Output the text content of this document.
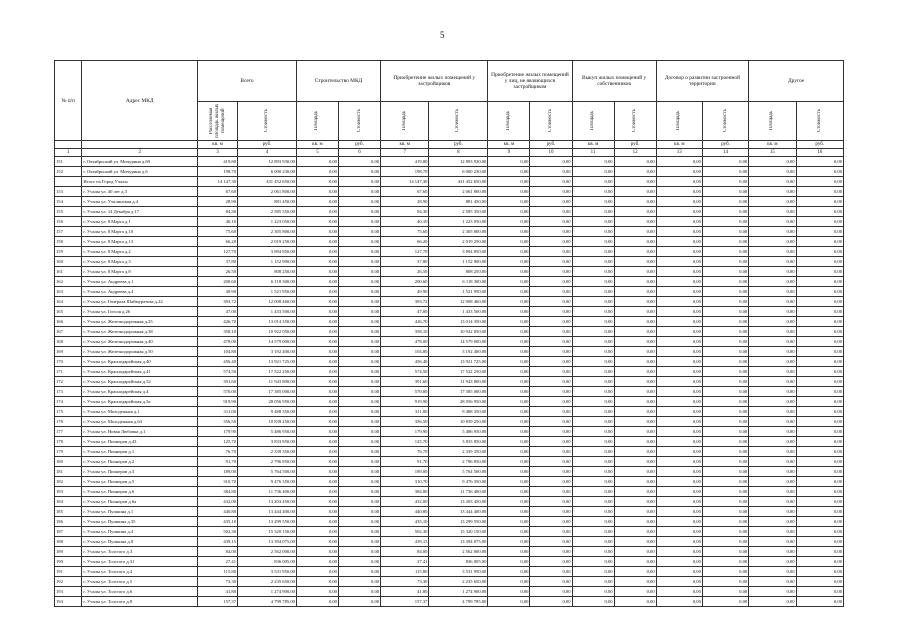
5
№ п/п	Адрес МКД	Всего		Строительство МКД		Приобретение жилых помещений у застройщиков		Приобретение жилых помещений у лиц, не являющихся застройщиком		Выкуп жилых помещений у собственников		Договор о развитии застроенной территории		Другое	
		Расселяемая площадь жилых помещений	Стоимость	Площадь	Стоимость	Площадь	Стоимость	Площадь	Стоимость	Площадь	Стоимость	Площадь	Стоимость	Площадь	Стоимость
		кв. м	руб.	кв. м	руб.	кв. м	руб.	кв. м	руб.	кв. м	руб.	кв. м	руб.	кв. м	руб.
1	2	3	4	5	6	7	8	9	10	11	12	13	14	15	16
151	г. Октябрьский ул. Мичурина д.69	419,80	12 893 930,00	0,00	0,00	419,80	12 893 930,00	0,00	0,00	0,00	0,00	0,00	0,00	0,00	0,00
152	г. Октябрьский ул. Мичурина д.6	198,70	6 000 230,00	0,00	0,00	198,70	6 000 230,00	0,00	0,00	0,00	0,00	0,00	0,00	0,00	0,00
	Итого по Город Учалы	14 147,30	431 452 650,00	0,00	0,00	14 147,30	431 452 650,00	0,00	0,00	0,00	0,00	0,00	0,00	0,00	0,00
153	г. Учалы ул. 40 лет д.3	67,60	2 061 800,00	0,00	0,00	67,60	2 061 800,00	0,00	0,00	0,00	0,00	0,00	0,00	0,00	0,00
154	г. Учалы ул. Учалинская д.4	28,90	881 450,00	0,00	0,00	28,90	881 450,00	0,00	0,00	0,00	0,00	0,00	0,00	0,00	0,00
155	г. Учалы ул. 14 Декабря д.17	84,30	2 585 350,00	0,00	0,00	84,30	2 585 350,00	0,00	0,00	0,00	0,00	0,00	0,00	0,00	0,00
156	г. Учалы ул. 8 Марта д.1	40,10	1 223 050,00	0,00	0,00	40,10	1 223 050,00	0,00	0,00	0,00	0,00	0,00	0,00	0,00	0,00
157	г. Учалы ул. 8 Марта д.10	75,60	2 305 800,00	0,00	0,00	75,60	2 305 800,00	0,00	0,00	0,00	0,00	0,00	0,00	0,00	0,00
158	г. Учалы ул. 8 Марта д.13	66,20	2 019 250,00	0,00	0,00	66,20	2 019 250,00	0,00	0,00	0,00	0,00	0,00	0,00	0,00	0,00
159	г. Учалы ул. 8 Марта д.2	127,70	3 894 850,00	0,00	0,00	127,70	3 894 850,00	0,00	0,00	0,00	0,00	0,00	0,00	0,00	0,00
160	г. Учалы ул. 8 Марта д.3	37,80	1 152 900,00	0,00	0,00	37,80	1 152 900,00	0,00	0,00	0,00	0,00	0,00	0,00	0,00	0,00
161	г. Учалы ул. 8 Марта д.8	26,50	808 250,00	0,00	0,00	26,50	808 250,00	0,00	0,00	0,00	0,00	0,00	0,00	0,00	0,00
162	г. Учалы ул. Андреева д.1	200,60	6 118 300,00	0,00	0,00	200,60	6 118 300,00	0,00	0,00	0,00	0,00	0,00	0,00	0,00	0,00
163	г. Учалы ул. Андреева д.4	49,90	1 521 950,00	0,00	0,00	49,90	1 521 950,00	0,00	0,00	0,00	0,00	0,00	0,00	0,00	0,00
164	г. Учалы ул. Генерала Шаймуратова д.22	393,72	12 008 460,00	0,00	0,00	393,72	12 008 460,00	0,00	0,00	0,00	0,00	0,00	0,00	0,00	0,00
165	г. Учалы ул. Гоголя д.26	47,00	1 433 500,00	0,00	0,00	47,00	1 433 500,00	0,00	0,00	0,00	0,00	0,00	0,00	0,00	0,00
166	г. Учалы ул. Железнодорожная д.25	426,70	13 014 350,00	0,00	0,00	426,70	13 014 350,00	0,00	0,00	0,00	0,00	0,00	0,00	0,00	0,00
167	г. Учалы ул. Железнодорожная д.38	358,10	10 922 050,00	0,00	0,00	358,10	10 922 050,00	0,00	0,00	0,00	0,00	0,00	0,00	0,00	0,00
168	г. Учалы ул. Железнодорожная д.40	478,00	14 579 000,00	0,00	0,00	478,00	14 579 000,00	0,00	0,00	0,00	0,00	0,00	0,00	0,00	0,00
169	г. Учалы ул. Железнодорожная д.50	104,80	3 192 400,00	0,00	0,00	104,80	3 192 400,00	0,00	0,00	0,00	0,00	0,00	0,00	0,00	0,00
170	г. Учалы ул. Краснодарейская д.40	456,40	13 921 725,00	0,00	0,00	456,40	13 921 725,00	0,00	0,00	0,00	0,00	0,00	0,00	0,00	0,00
171	г. Учалы ул. Краснодарейская д.41	574,50	17 522 250,00	0,00	0,00	574,50	17 522 250,00	0,00	0,00	0,00	0,00	0,00	0,00	0,00	0,00
172	г. Учалы ул. Краснодарейская д.52	391,60	11 943 800,00	0,00	0,00	391,60	11 943 800,00	0,00	0,00	0,00	0,00	0,00	0,00	0,00	0,00
173	г. Учалы ул. Краснодарейская д.4	570,00	17 385 000,00	0,00	0,00	570,00	17 385 000,00	0,00	0,00	0,00	0,00	0,00	0,00	0,00	0,00
174	г. Учалы ул. Краснодарейская д.5а	919,90	28 056 950,00	0,00	0,00	919,90	28 056 950,00	0,00	0,00	0,00	0,00	0,00	0,00	0,00	0,00
175	г. Учалы ул. Молодежная д.1	311,00	9 488 350,00	0,00	0,00	311,00	9 488 350,00	0,00	0,00	0,00	0,00	0,00	0,00	0,00	0,00
176	г. Учалы ул. Молодежная д.64	356,50	10 839 250,00	0,00	0,00	356,50	10 839 250,00	0,00	0,00	0,00	0,00	0,00	0,00	0,00	0,00
177	г. Учалы ул. Новая Любовка д.1	179,90	5 486 950,00	0,00	0,00	179,90	5 486 950,00	0,00	0,00	0,00	0,00	0,00	0,00	0,00	0,00
178	г. Учалы ул. Пионеров д.43	125,70	3 833 850,00	0,00	0,00	125,70	3 833 850,00	0,00	0,00	0,00	0,00	0,00	0,00	0,00	0,00
179	г. Учалы ул. Пионеров д.1	76,70	2 339 350,00	0,00	0,00	76,70	2 339 350,00	0,00	0,00	0,00	0,00	0,00	0,00	0,00	0,00
180	г. Учалы ул. Пионеров д.2	91,70	2 796 850,00	0,00	0,00	91,70	2 796 850,00	0,00	0,00	0,00	0,00	0,00	0,00	0,00	0,00
181	г. Учалы ул. Пионеров д.3	189,00	5 764 500,00	0,00	0,00	189,00	5 764 500,00	0,00	0,00	0,00	0,00	0,00	0,00	0,00	0,00
182	г. Учалы ул. Пионеров д.5	310,70	9 476 350,00	0,00	0,00	310,70	9 476 350,00	0,00	0,00	0,00	0,00	0,00	0,00	0,00	0,00
183	г. Учалы ул. Пионеров д.6	384,80	11 736 400,00	0,00	0,00	384,80	11 736 400,00	0,00	0,00	0,00	0,00	0,00	0,00	0,00	0,00
184	г. Учалы ул. Пионеров д.6а	432,00	13 203 450,00	0,00	0,00	432,00	13 203 450,00	0,00	0,00	0,00	0,00	0,00	0,00	0,00	0,00
185	г. Учалы ул. Пушкина д.1	440,80	13 444 400,00	0,00	0,00	440,80	13 444 400,00	0,00	0,00	0,00	0,00	0,00	0,00	0,00	0,00
186	г. Учалы ул. Пушкина д.35	435,10	13 299 550,00	0,00	0,00	435,10	13 299 550,00	0,00	0,00	0,00	0,00	0,00	0,00	0,00	0,00
187	г. Учалы ул. Пушкина д.4	502,30	15 320 150,00	0,00	0,00	502,30	15 320 150,00	0,00	0,00	0,00	0,00	0,00	0,00	0,00	0,00
188	г. Учалы ул. Пушкина д.8	439,15	13 394 075,00	0,00	0,00	439,15	13 394 075,00	0,00	0,00	0,00	0,00	0,00	0,00	0,00	0,00
189	г. Учалы ул. Толстого д.3	84,00	2 562 000,00	0,00	0,00	84,00	2 562 000,00	0,00	0,00	0,00	0,00	0,00	0,00	0,00	0,00
190	г. Учалы ул. Толстого д.31	27,41	836 005,00	0,00	0,00	27,41	836 005,00	0,00	0,00	0,00	0,00	0,00	0,00	0,00	0,00
191	г. Учалы ул. Толстого д.4	115,80	3 531 950,00	0,00	0,00	115,80	3 531 950,00	0,00	0,00	0,00	0,00	0,00	0,00	0,00	0,00
192	г. Учалы ул. Толстого д.5	73,30	2 235 650,00	0,00	0,00	73,30	2 235 650,00	0,00	0,00	0,00	0,00	0,00	0,00	0,00	0,00
193	г. Учалы ул. Толстого д.6	41,80	1 274 900,00	0,00	0,00	41,80	1 274 900,00	0,00	0,00	0,00	0,00	0,00	0,00	0,00	0,00
194	г. Учалы ул. Толстого д.8	157,37	4 799 785,00	0,00	0,00	157,37	4 799 785,00	0,00	0,00	0,00	0,00	0,00	0,00	0,00	0,00
